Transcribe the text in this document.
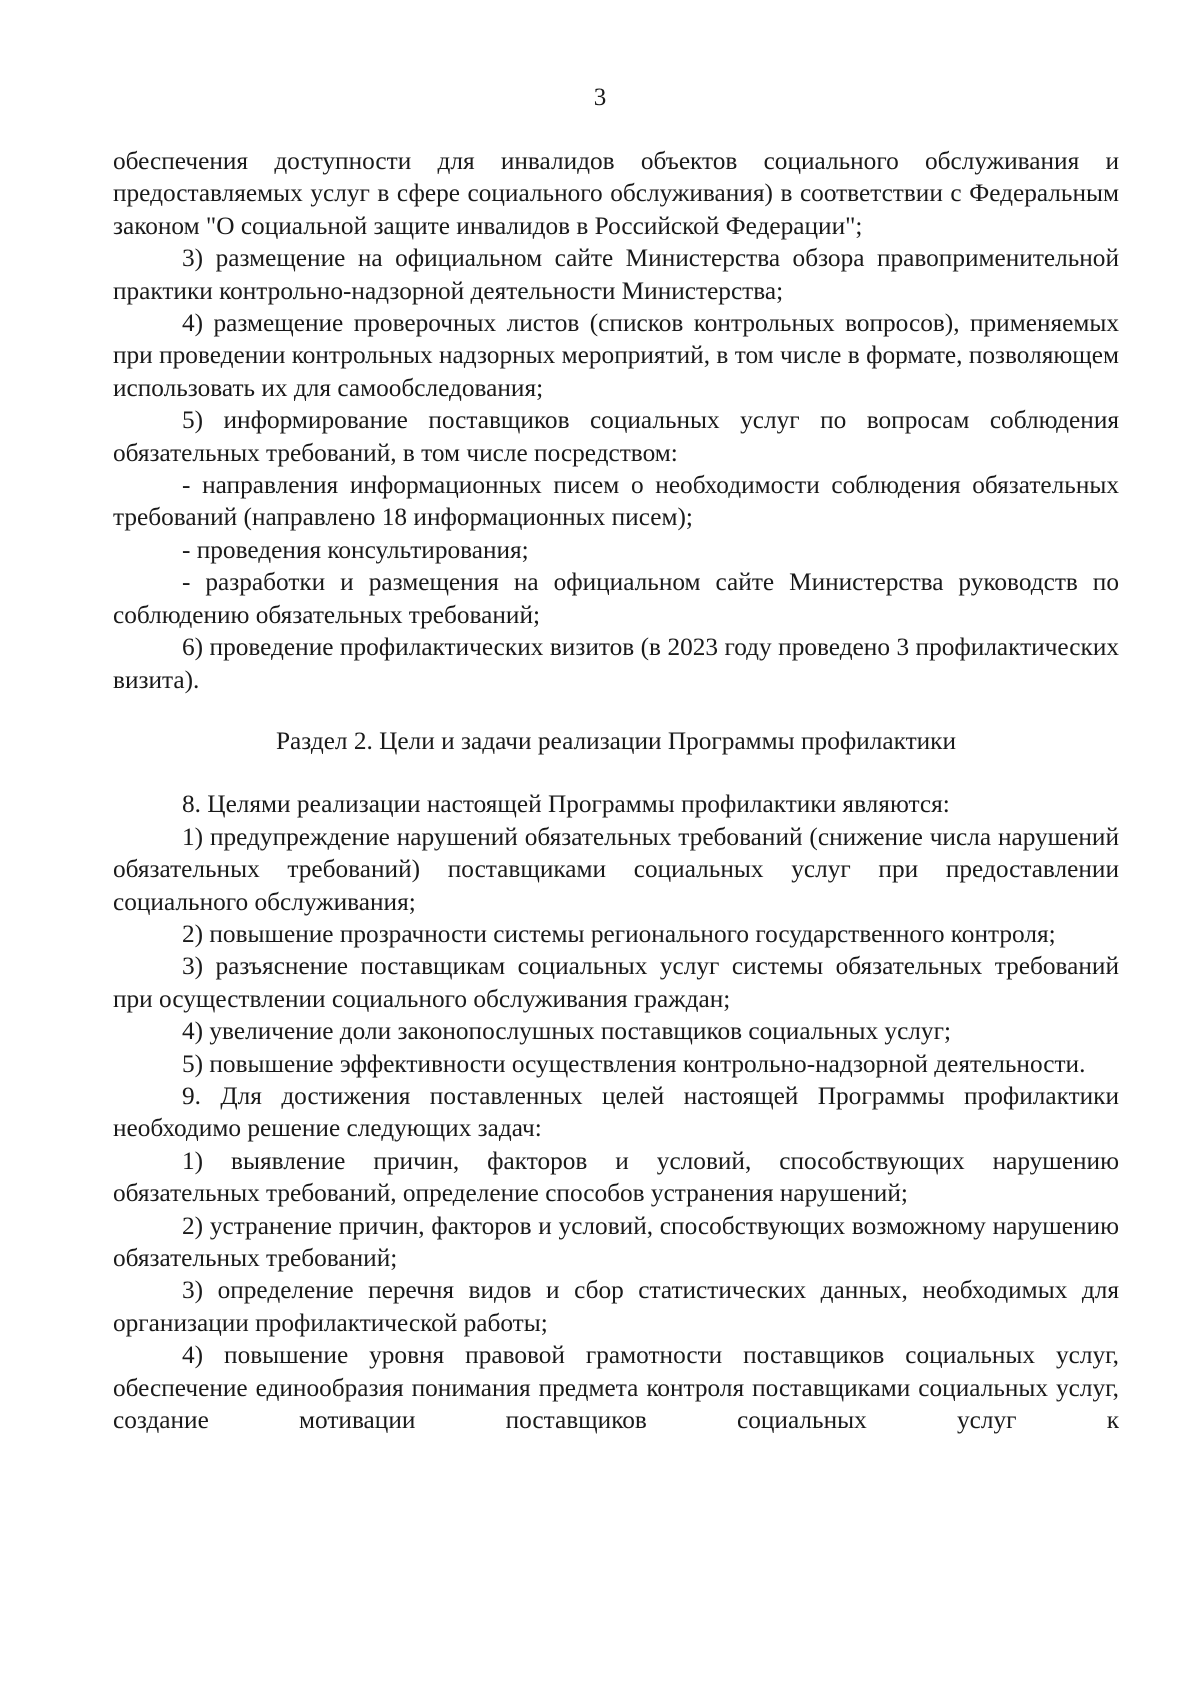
3

обеспечения доступности для инвалидов объектов социального обслуживания и предоставляемых услуг в сфере социального обслуживания) в соответствии с Федеральным законом "О социальной защите инвалидов в Российской Федерации";

3) размещение на официальном сайте Министерства обзора правоприменительной практики контрольно-надзорной деятельности Министерства;

4) размещение проверочных листов (списков контрольных вопросов), применяемых при проведении контрольных надзорных мероприятий, в том числе в формате, позволяющем использовать их для самообследования;

5) информирование поставщиков социальных услуг по вопросам соблюдения обязательных требований, в том числе посредством:

- направления информационных писем о необходимости соблюдения обязательных требований (направлено 18 информационных писем);

- проведения консультирования;

- разработки и размещения на официальном сайте Министерства руководств по соблюдению обязательных требований;

6) проведение профилактических визитов (в 2023 году проведено 3 профилактических визита).

Раздел 2. Цели и задачи реализации Программы профилактики

8. Целями реализации настоящей Программы профилактики являются:

1) предупреждение нарушений обязательных требований (снижение числа нарушений обязательных требований) поставщиками социальных услуг при предоставлении социального обслуживания;

2) повышение прозрачности системы регионального государственного контроля;

3) разъяснение поставщикам социальных услуг системы обязательных требований при осуществлении социального обслуживания граждан;

4) увеличение доли законопослушных поставщиков социальных услуг;

5) повышение эффективности осуществления контрольно-надзорной деятельности.

9. Для достижения поставленных целей настоящей Программы профилактики необходимо решение следующих задач:

1) выявление причин, факторов и условий, способствующих нарушению обязательных требований, определение способов устранения нарушений;

2) устранение причин, факторов и условий, способствующих возможному нарушению обязательных требований;

3) определение перечня видов и сбор статистических данных, необходимых для организации профилактической работы;

4) повышение уровня правовой грамотности поставщиков социальных услуг, обеспечение единообразия понимания предмета контроля поставщиками социальных услуг, создание мотивации поставщиков социальных услуг к
